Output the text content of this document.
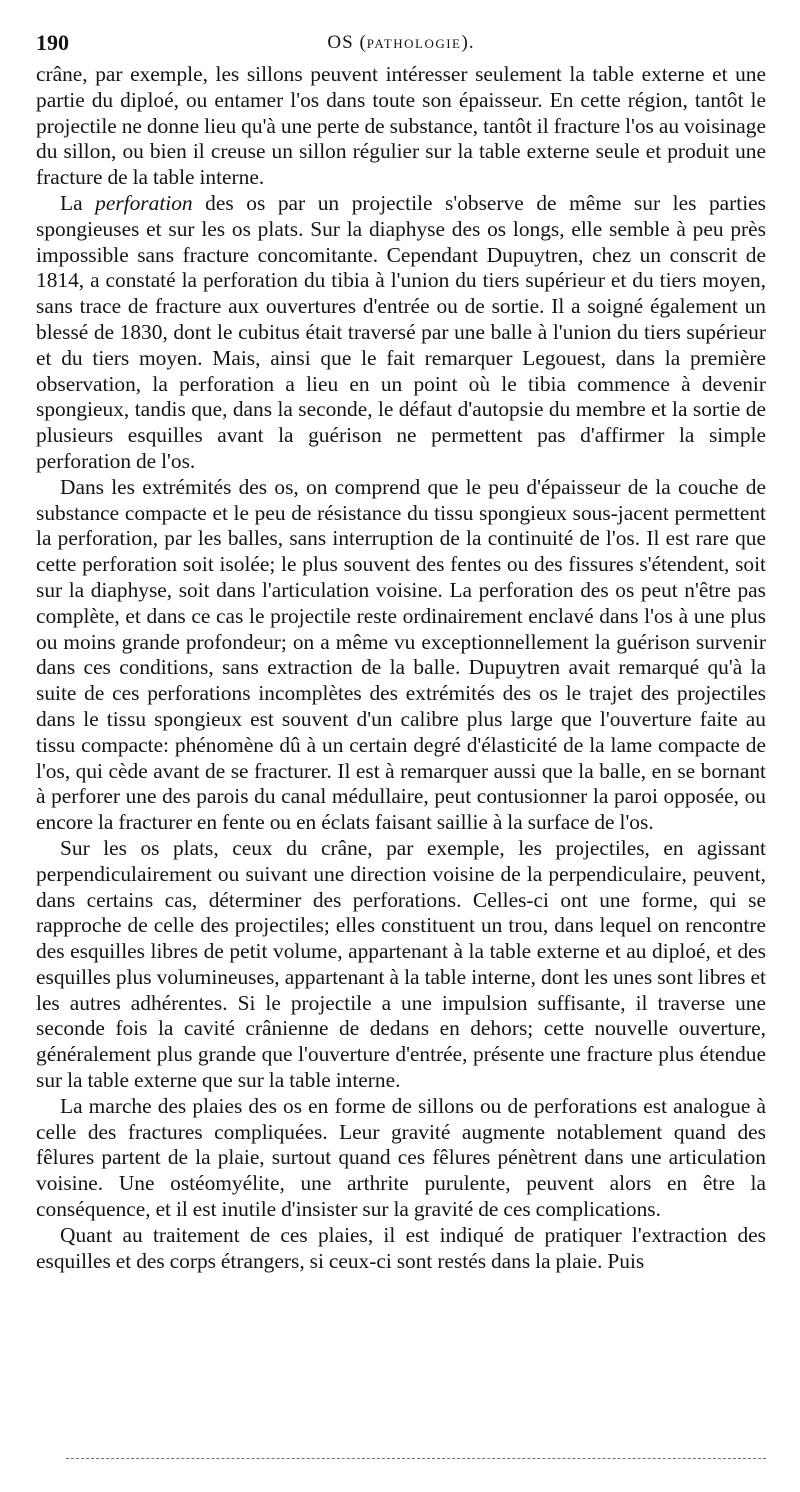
190	OS (PATHOLOGIE).

crâne, par exemple, les sillons peuvent intéresser seulement la table externe et une partie du diploé, ou entamer l'os dans toute son épaisseur. En cette région, tantôt le projectile ne donne lieu qu'à une perte de substance, tantôt il fracture l'os au voisinage du sillon, ou bien il creuse un sillon régulier sur la table externe seule et produit une fracture de la table interne.

La perforation des os par un projectile s'observe de même sur les parties spongieuses et sur les os plats. Sur la diaphyse des os longs, elle semble à peu près impossible sans fracture concomitante. Cependant Dupuytren, chez un conscrit de 1814, a constaté la perforation du tibia à l'union du tiers supérieur et du tiers moyen, sans trace de fracture aux ouvertures d'entrée ou de sortie. Il a soigné également un blessé de 1830, dont le cubitus était traversé par une balle à l'union du tiers supérieur et du tiers moyen. Mais, ainsi que le fait remarquer Legouest, dans la première observation, la perforation a lieu en un point où le tibia commence à devenir spongieux, tandis que, dans la seconde, le défaut d'autopsie du membre et la sortie de plusieurs esquilles avant la guérison ne permettent pas d'affirmer la simple perforation de l'os.

Dans les extrémités des os, on comprend que le peu d'épaisseur de la couche de substance compacte et le peu de résistance du tissu spongieux sous-jacent permettent la perforation, par les balles, sans interruption de la continuité de l'os. Il est rare que cette perforation soit isolée; le plus souvent des fentes ou des fissures s'étendent, soit sur la diaphyse, soit dans l'articulation voisine. La perforation des os peut n'être pas complète, et dans ce cas le projectile reste ordinairement enclavé dans l'os à une plus ou moins grande profondeur; on a même vu exceptionnellement la guérison survenir dans ces conditions, sans extraction de la balle. Dupuytren avait remarqué qu'à la suite de ces perforations incomplètes des extrémités des os le trajet des projectiles dans le tissu spongieux est souvent d'un calibre plus large que l'ouverture faite au tissu compacte: phénomène dû à un certain degré d'élasticité de la lame compacte de l'os, qui cède avant de se fracturer. Il est à remarquer aussi que la balle, en se bornant à perforer une des parois du canal médullaire, peut contusionner la paroi opposée, ou encore la fracturer en fente ou en éclats faisant saillie à la surface de l'os.

Sur les os plats, ceux du crâne, par exemple, les projectiles, en agissant perpendiculairement ou suivant une direction voisine de la perpendiculaire, peuvent, dans certains cas, déterminer des perforations. Celles-ci ont une forme, qui se rapproche de celle des projectiles; elles constituent un trou, dans lequel on rencontre des esquilles libres de petit volume, appartenant à la table externe et au diploé, et des esquilles plus volumineuses, appartenant à la table interne, dont les unes sont libres et les autres adhérentes. Si le projectile a une impulsion suffisante, il traverse une seconde fois la cavité crânienne de dedans en dehors; cette nouvelle ouverture, généralement plus grande que l'ouverture d'entrée, présente une fracture plus étendue sur la table externe que sur la table interne.

La marche des plaies des os en forme de sillons ou de perforations est analogue à celle des fractures compliquées. Leur gravité augmente notablement quand des fêlures partent de la plaie, surtout quand ces fêlures pénètrent dans une articulation voisine. Une ostéomyélite, une arthrite purulente, peuvent alors en être la conséquence, et il est inutile d'insister sur la gravité de ces complications.

Quant au traitement de ces plaies, il est indiqué de pratiquer l'extraction des esquilles et des corps étrangers, si ceux-ci sont restés dans la plaie. Puis
